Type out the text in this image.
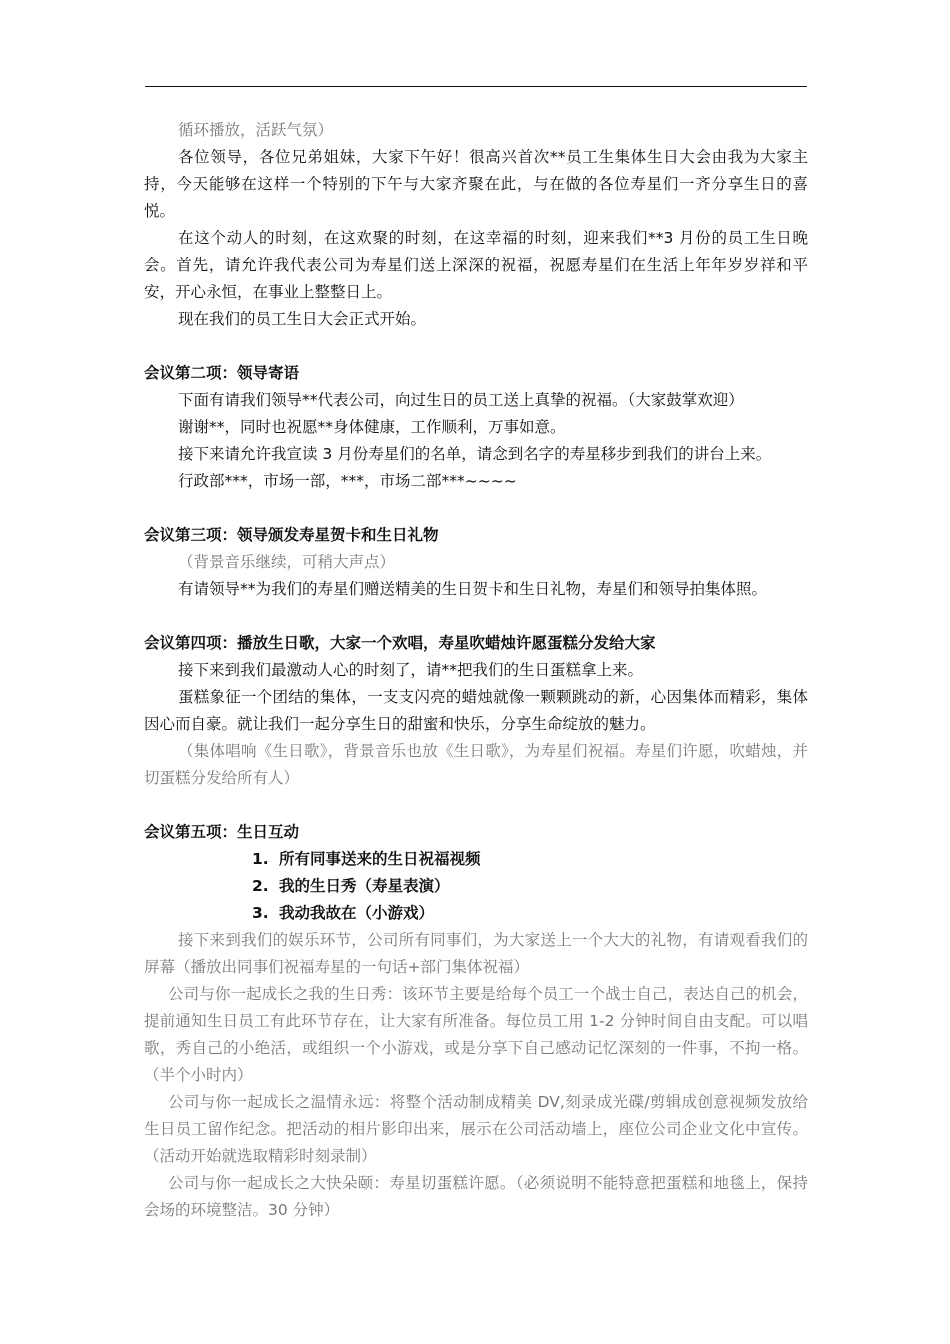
循环播放，活跃气氛）
各位领导，各位兄弟姐妹，大家下午好！很高兴首次**员工生集体生日大会由我为大家主持，今天能够在这样一个特别的下午与大家齐聚在此，与在做的各位寿星们一齐分享生日的喜悦。
在这个动人的时刻，在这欢聚的时刻，在这幸福的时刻，迎来我们**3 月份的员工生日晚会。首先，请允许我代表公司为寿星们送上深深的祝福，祝愿寿星们在生活上年年岁岁祥和平安，开心永恒，在事业上整整日上。
现在我们的员工生日大会正式开始。
会议第二项：领导寄语
下面有请我们领导**代表公司，向过生日的员工送上真挚的祝福。（大家鼓掌欢迎）
谢谢**，同时也祝愿**身体健康，工作顺利，万事如意。
接下来请允许我宣读 3 月份寿星们的名单，请念到名字的寿星移步到我们的讲台上来。
行政部***，市场一部，***，市场二部***~~~~
会议第三项：领导颁发寿星贺卡和生日礼物
（背景音乐继续，可稍大声点）
有请领导**为我们的寿星们赠送精美的生日贺卡和生日礼物，寿星们和领导拍集体照。
会议第四项：播放生日歌，大家一个欢唱，寿星吹蜡烛许愿蛋糕分发给大家
接下来到我们最激动人心的时刻了，请**把我们的生日蛋糕拿上来。
蛋糕象征一个团结的集体，一支支闪亮的蜡烛就像一颗颗跳动的新，心因集体而精彩，集体因心而自豪。就让我们一起分享生日的甜蜜和快乐，分享生命绽放的魅力。
（集体唱响《生日歌》，背景音乐也放《生日歌》，为寿星们祝福。寿星们许愿，吹蜡烛，并切蛋糕分发给所有人）
会议第五项：生日互动
1. 所有同事送来的生日祝福视频
2. 我的生日秀（寿星表演）
3. 我动我故在（小游戏）
接下来到我们的娱乐环节，公司所有同事们，为大家送上一个大大的礼物，有请观看我们的屏幕（播放出同事们祝福寿星的一句话+部门集体祝福）
公司与你一起成长之我的生日秀：该环节主要是给每个员工一个战士自己，表达自己的机会，提前通知生日员工有此环节存在，让大家有所准备。每位员工用 1-2 分钟时间自由支配。可以唱歌，秀自己的小绝活，或组织一个小游戏，或是分享下自己感动记忆深刻的一件事，不拘一格。（半个小时内）
公司与你一起成长之温情永远：将整个活动制成精美 DV,刻录成光碟/剪辑成创意视频发放给生日员工留作纪念。把活动的相片影印出来，展示在公司活动墙上，座位公司企业文化中宣传。（活动开始就选取精彩时刻录制）
公司与你一起成长之大快朵颐：寿星切蛋糕许愿。（必须说明不能特意把蛋糕和地毯上，保持会场的环境整洁。30 分钟）
